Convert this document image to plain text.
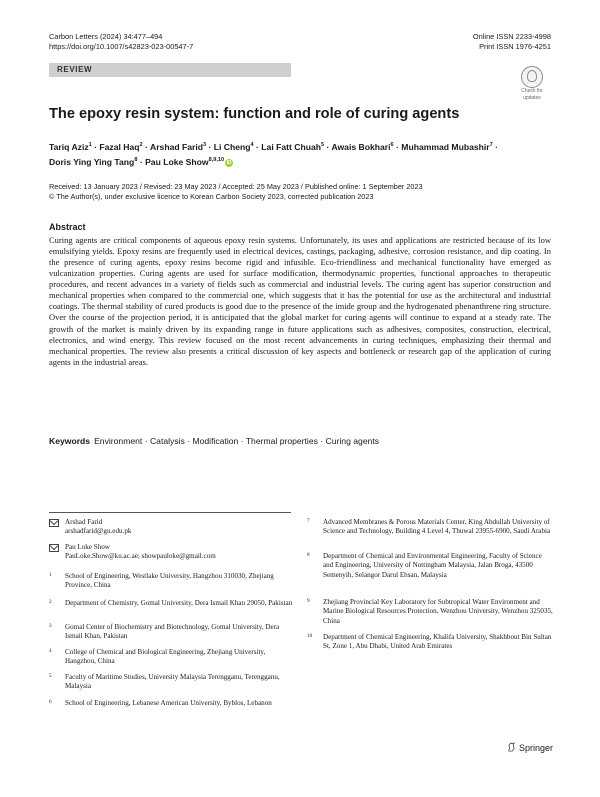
Carbon Letters (2024) 34:477–494
https://doi.org/10.1007/s42823-023-00547-7
Online ISSN 2233-4998
Print ISSN 1976-4251
REVIEW
Check for
updates
The epoxy resin system: function and role of curing agents
Tariq Aziz$^1$ · Fazal Haq$^2$ · Arshad Farid$^3$ · Li Cheng$^4$ · Lai Fatt Chuah$^5$ · Awais Bokhari$^6$ · Muhammad Mubashir$^7$ ·
Doris Ying Ying Tang$^8$ · Pau Loke Show$^{8,9,10}$ iD
Received: 13 January 2023 / Revised: 23 May 2023 / Accepted: 25 May 2023 / Published online: 1 September 2023
© The Author(s), under exclusive licence to Korean Carbon Society 2023, corrected publication 2023
Abstract
Curing agents are critical components of aqueous epoxy resin systems. Unfortunately, its uses and applications are restricted because of its low emulsifying yields. Epoxy resins are frequently used in electrical devices, castings, packaging, adhesive, corrosion resistance, and dip coating. In the presence of curing agents, epoxy resins become rigid and infusible. Eco-friendliness and mechanical functionality have emerged as vulcanization properties. Curing agents are used for surface modification, thermodynamic properties, functional approaches to therapeutic procedures, and recent advances in a variety of fields such as commercial and industrial levels. The curing agent has superior construction and mechanical properties when compared to the commercial one, which suggests that it has the potential for use as the architectural and industrial coatings. The thermal stability of cured products is good due to the presence of the imide group and the hydrogenated phenanthrene ring structure. Over the course of the projection period, it is anticipated that the global market for curing agents will continue to expand at a steady rate. The growth of the market is mainly driven by its expanding range in future applications such as adhesives, composites, construction, electrical, electronics, and wind energy. This review focused on the most recent advancements in curing techniques, emphasizing their thermal and mechanical properties. The review also presents a critical discussion of key aspects and bottleneck or research gap of the application of curing agents in the industrial areas.
Keywords Environment · Catalysis · Modification · Thermal properties · Curing agents
Arshad Farid
arshadfarid@gu.edu.pk
Pau Loke Show
PauLoke.Show@ku.ac.ae; showpauloke@gmail.com
1 School of Engineering, Westlake University, Hangzhou 310030, Zhejiang Province, China
2 Department of Chemistry, Gomal University, Dera Ismail Khan 29050, Pakistan
3 Gomal Center of Biochemistry and Biotechnology, Gomal University, Dera Ismail Khan, Pakistan
4 College of Chemical and Biological Engineering, Zhejiang University, Hangzhou, China
5 Faculty of Maritime Studies, University Malaysia Terengganu, Terengganu, Malaysia
6 School of Engineering, Lebanese American University, Byblos, Lebanon
7 Advanced Membranes & Porous Materials Center, King Abdullah University of Science and Technology, Building 4 Level 4, Thuwal 23955-6900, Saudi Arabia
8 Department of Chemical and Environmental Engineering, Faculty of Science and Engineering, University of Nottingham Malaysia, Jalan Broga, 43500 Semenyih, Selangor Darul Ehsan, Malaysia
9 Zhejiang Provincial Key Laboratory for Subtropical Water Environment and Marine Biological Resources Protection, Wenzhou University, Wenzhou 325035, China
10 Department of Chemical Engineering, Khalifa University, Shakhbout Bin Sultan St, Zone 1, Abu Dhabi, United Arab Emirates
Springer
